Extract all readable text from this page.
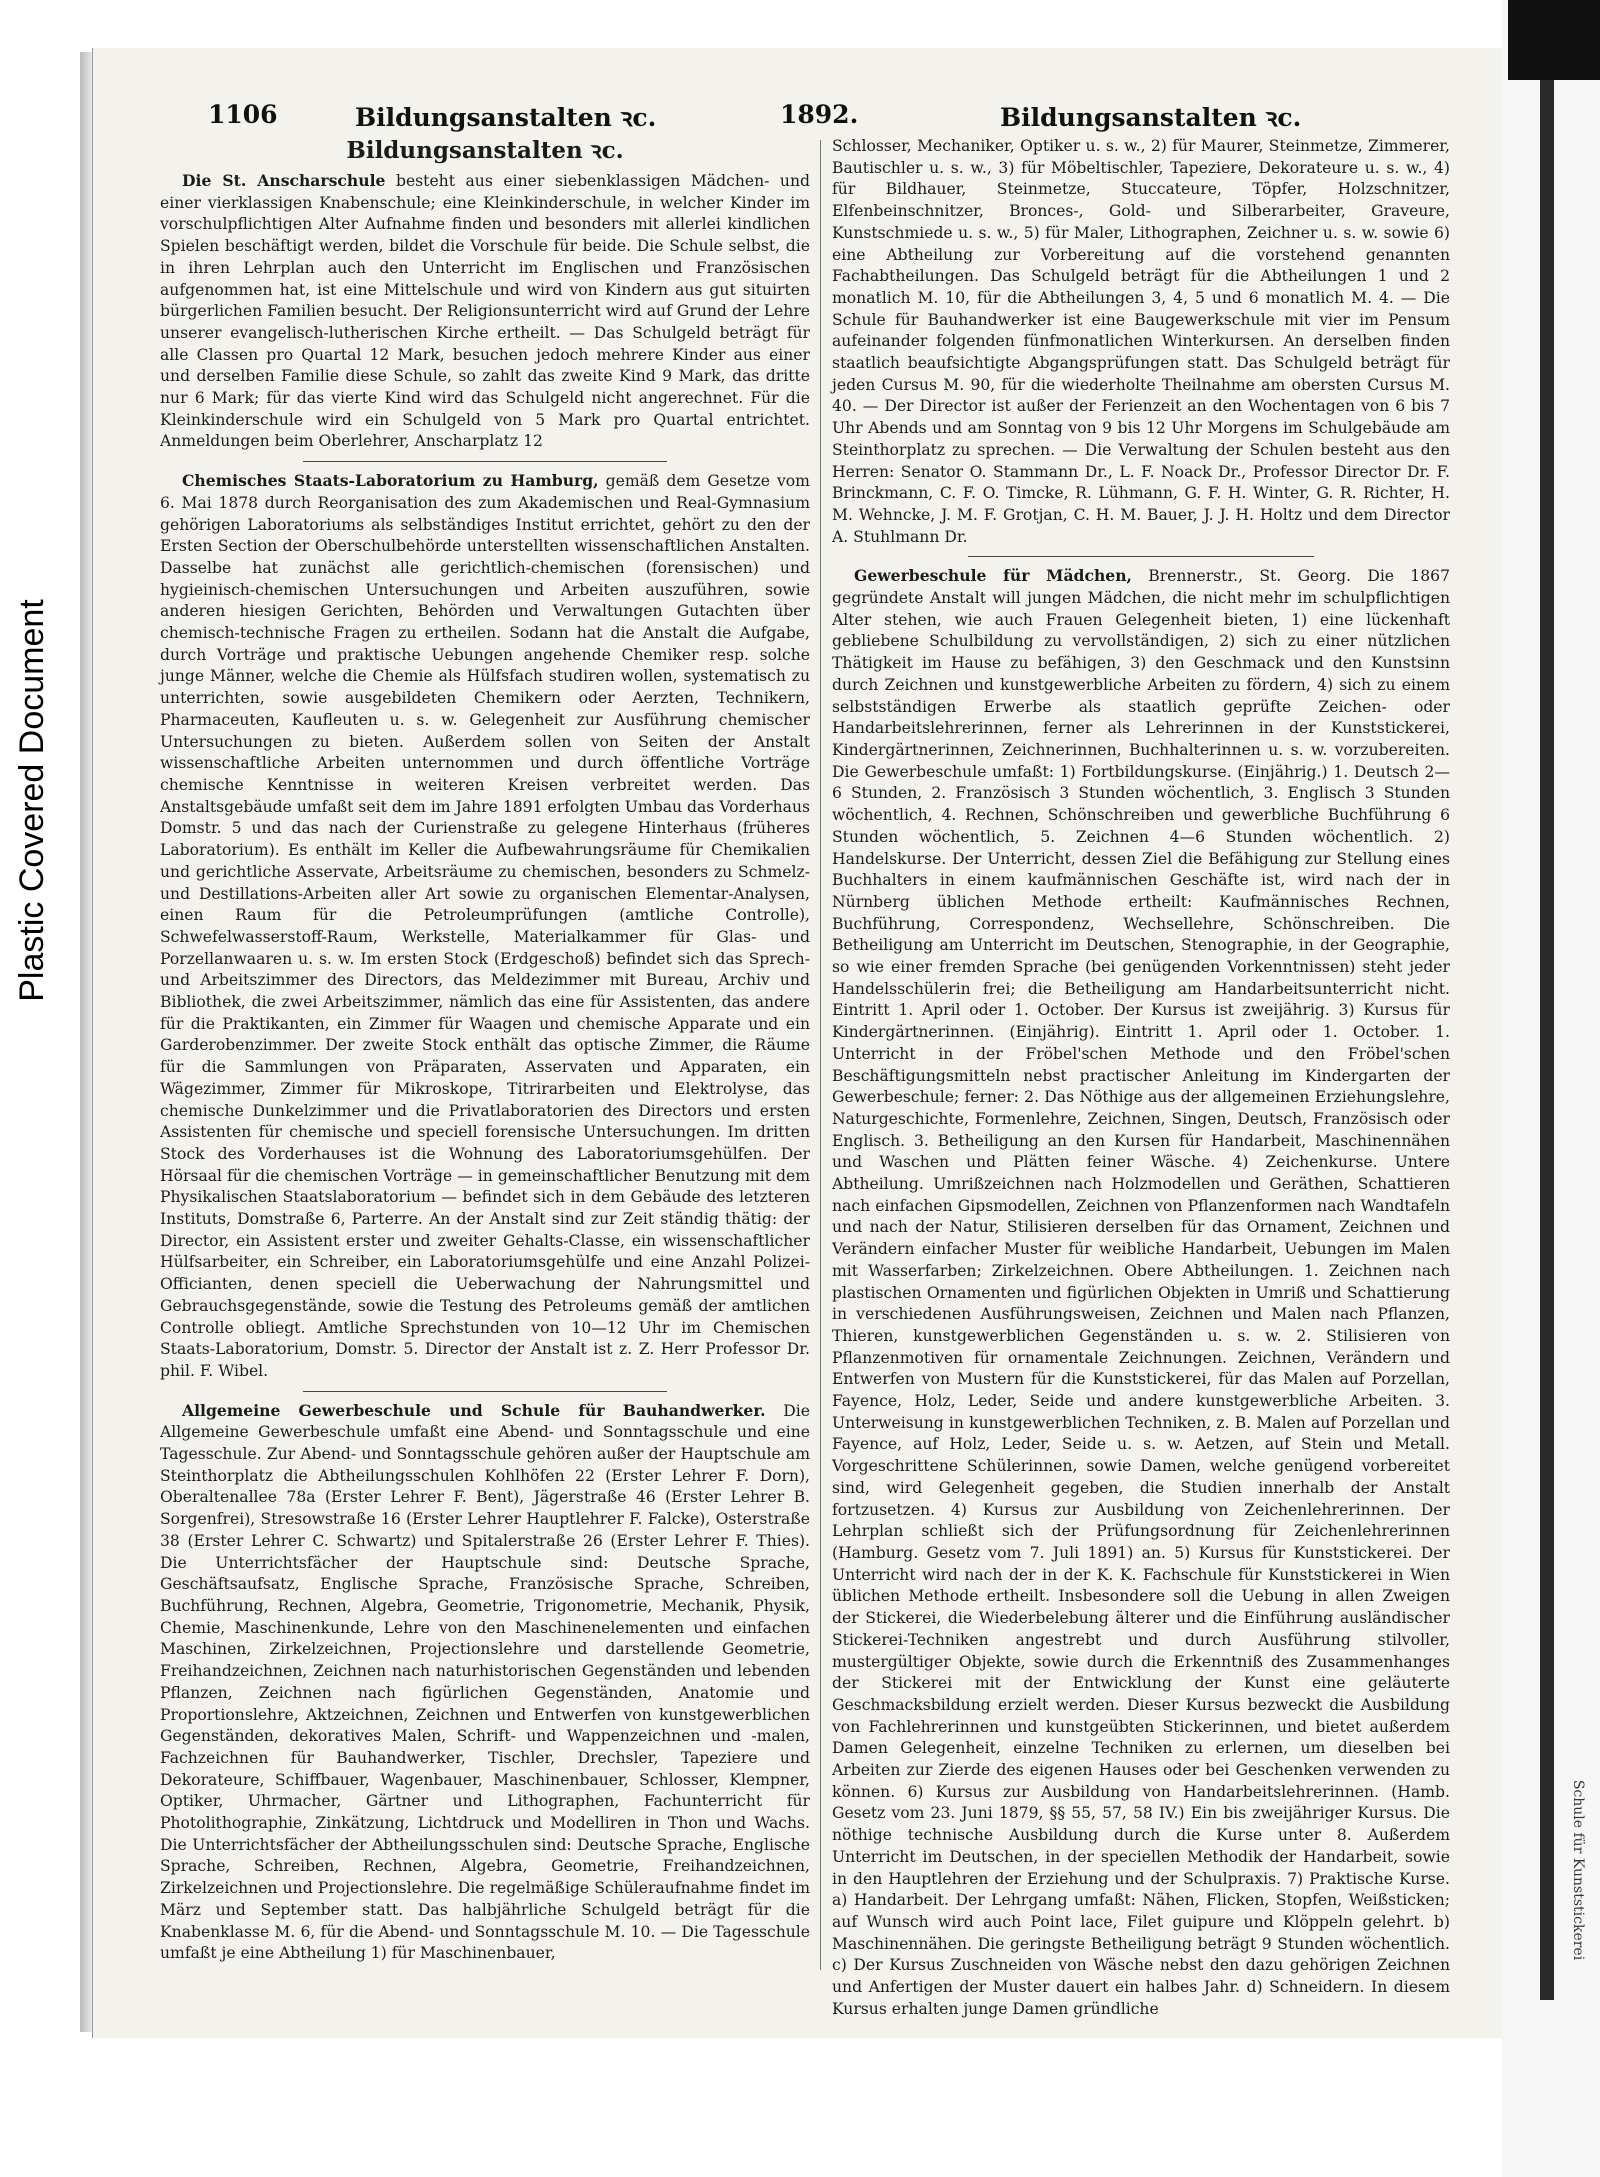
Plastic Covered Document
Schule für Kunststickerei
1106	Bildungsanstalten ꝛc.	1892.	Bildungsanstalten ꝛc.
Bildungsanstalten ꝛc.

Die St. Anscharschule besteht aus einer siebenklassigen Mädchen- und einer vierklassigen Knabenschule; eine Kleinkinderschule, in welcher Kinder im vorschulpflichtigen Alter Aufnahme finden und besonders mit allerlei kindlichen Spielen beschäftigt werden, bildet die Vorschule für beide. Die Schule selbst, die in ihren Lehrplan auch den Unterricht im Englischen und Französischen aufgenommen hat, ist eine Mittelschule und wird von Kindern aus gut situirten bürgerlichen Familien besucht. Der Religionsunterricht wird auf Grund der Lehre unserer evangelisch-lutherischen Kirche ertheilt. — Das Schulgeld beträgt für alle Classen pro Quartal 12 Mark, besuchen jedoch mehrere Kinder aus einer und derselben Familie diese Schule, so zahlt das zweite Kind 9 Mark, das dritte nur 6 Mark; für das vierte Kind wird das Schulgeld nicht angerechnet. Für die Kleinkinderschule wird ein Schulgeld von 5 Mark pro Quartal entrichtet. Anmeldungen beim Oberlehrer, Anscharplatz 12

Chemisches Staats-Laboratorium zu Hamburg, gemäß dem Gesetze vom 6. Mai 1878 durch Reorganisation des zum Akademischen und Real-Gymnasium gehörigen Laboratoriums als selbständiges Institut errichtet, gehört zu den der Ersten Section der Oberschulbehörde unterstellten wissenschaftlichen Anstalten. Dasselbe hat zunächst alle gerichtlich-chemischen (forensischen) und hygieinisch-chemischen Untersuchungen und Arbeiten auszuführen, sowie anderen hiesigen Gerichten, Behörden und Verwaltungen Gutachten über chemisch-technische Fragen zu ertheilen. Sodann hat die Anstalt die Aufgabe, durch Vorträge und praktische Uebungen angehende Chemiker resp. solche junge Männer, welche die Chemie als Hülfsfach studiren wollen, systematisch zu unterrichten, sowie ausgebildeten Chemikern oder Aerzten, Technikern, Pharmaceuten, Kaufleuten u. s. w. Gelegenheit zur Ausführung chemischer Untersuchungen zu bieten. Außerdem sollen von Seiten der Anstalt wissenschaftliche Arbeiten unternommen und durch öffentliche Vorträge chemische Kenntnisse in weiteren Kreisen verbreitet werden. Das Anstaltsgebäude umfaßt seit dem im Jahre 1891 erfolgten Umbau das Vorderhaus Domstr. 5 und das nach der Curienstraße zu gelegene Hinterhaus (früheres Laboratorium). Es enthält im Keller die Aufbewahrungsräume für Chemikalien und gerichtliche Asservate, Arbeitsräume zu chemischen, besonders zu Schmelz- und Destillations-Arbeiten aller Art sowie zu organischen Elementar-Analysen, einen Raum für die Petroleumprüfungen (amtliche Controlle), Schwefelwasserstoff-Raum, Werkstelle, Materialkammer für Glas- und Porzellanwaaren u. s. w. Im ersten Stock (Erdgeschoß) befindet sich das Sprech- und Arbeitszimmer des Directors, das Meldezimmer mit Bureau, Archiv und Bibliothek, die zwei Arbeitszimmer, nämlich das eine für Assistenten, das andere für die Praktikanten, ein Zimmer für Waagen und chemische Apparate und ein Garderobenzimmer. Der zweite Stock enthält das optische Zimmer, die Räume für die Sammlungen von Präparaten, Asservaten und Apparaten, ein Wägezimmer, Zimmer für Mikroskope, Titrirarbeiten und Elektrolyse, das chemische Dunkelzimmer und die Privatlaboratorien des Directors und ersten Assistenten für chemische und speciell forensische Untersuchungen. Im dritten Stock des Vorderhauses ist die Wohnung des Laboratoriumsgehülfen. Der Hörsaal für die chemischen Vorträge — in gemeinschaftlicher Benutzung mit dem Physikalischen Staatslaboratorium — befindet sich in dem Gebäude des letzteren Instituts, Domstraße 6, Parterre. An der Anstalt sind zur Zeit ständig thätig: der Director, ein Assistent erster und zweiter Gehalts-Classe, ein wissenschaftlicher Hülfsarbeiter, ein Schreiber, ein Laboratoriumsgehülfe und eine Anzahl Polizei-Officianten, denen speciell die Ueberwachung der Nahrungsmittel und Gebrauchsgegenstände, sowie die Testung des Petroleums gemäß der amtlichen Controlle obliegt. Amtliche Sprechstunden von 10—12 Uhr im Chemischen Staats-Laboratorium, Domstr. 5. Director der Anstalt ist z. Z. Herr Professor Dr. phil. F. Wibel.

Allgemeine Gewerbeschule und Schule für Bauhandwerker. Die Allgemeine Gewerbeschule umfaßt eine Abend- und Sonntagsschule und eine Tagesschule. Zur Abend- und Sonntagsschule gehören außer der Hauptschule am Steinthorplatz die Abtheilungsschulen Kohlhöfen 22 (Erster Lehrer F. Dorn), Oberaltenallee 78a (Erster Lehrer F. Bent), Jägerstraße 46 (Erster Lehrer B. Sorgenfrei), Stresowstraße 16 (Erster Lehrer Hauptlehrer F. Falcke), Osterstraße 38 (Erster Lehrer C. Schwartz) und Spitalerstraße 26 (Erster Lehrer F. Thies). Die Unterrichtsfächer der Hauptschule sind: Deutsche Sprache, Geschäftsaufsatz, Englische Sprache, Französische Sprache, Schreiben, Buchführung, Rechnen, Algebra, Geometrie, Trigonometrie, Mechanik, Physik, Chemie, Maschinenkunde, Lehre von den Maschinenelementen und einfachen Maschinen, Zirkelzeichnen, Projectionslehre und darstellende Geometrie, Freihandzeichnen, Zeichnen nach naturhistorischen Gegenständen und lebenden Pflanzen, Zeichnen nach figürlichen Gegenständen, Anatomie und Proportionslehre, Aktzeichnen, Zeichnen und Entwerfen von kunstgewerblichen Gegenständen, dekoratives Malen, Schrift- und Wappenzeichnen und -malen, Fachzeichnen für Bauhandwerker, Tischler, Drechsler, Tapeziere und Dekorateure, Schiffbauer, Wagenbauer, Maschinenbauer, Schlosser, Klempner, Optiker, Uhrmacher, Gärtner und Lithographen, Fachunterricht für Photolithographie, Zinkätzung, Lichtdruck und Modelliren in Thon und Wachs. Die Unterrichtsfächer der Abtheilungsschulen sind: Deutsche Sprache, Englische Sprache, Schreiben, Rechnen, Algebra, Geometrie, Freihandzeichnen, Zirkelzeichnen und Projectionslehre. Die regelmäßige Schüleraufnahme findet im März und September statt. Das halbjährliche Schulgeld beträgt für die Knabenklasse M. 6, für die Abend- und Sonntagsschule M. 10. — Die Tagesschule umfaßt je eine Abtheilung 1) für Maschinenbauer,

Schlosser, Mechaniker, Optiker u. s. w., 2) für Maurer, Steinmetze, Zimmerer, Bautischler u. s. w., 3) für Möbeltischler, Tapeziere, Dekorateure u. s. w., 4) für Bildhauer, Steinmetze, Stuccateure, Töpfer, Holzschnitzer, Elfenbeinschnitzer, Bronces-, Gold- und Silberarbeiter, Graveure, Kunstschmiede u. s. w., 5) für Maler, Lithographen, Zeichner u. s. w. sowie 6) eine Abtheilung zur Vorbereitung auf die vorstehend genannten Fachabtheilungen. Das Schulgeld beträgt für die Abtheilungen 1 und 2 monatlich M. 10, für die Abtheilungen 3, 4, 5 und 6 monatlich M. 4. — Die Schule für Bauhandwerker ist eine Baugewerkschule mit vier im Pensum aufeinander folgenden fünfmonatlichen Winterkursen. An derselben finden staatlich beaufsichtigte Abgangsprüfungen statt. Das Schulgeld beträgt für jeden Cursus M. 90, für die wiederholte Theilnahme am obersten Cursus M. 40. — Der Director ist außer der Ferienzeit an den Wochentagen von 6 bis 7 Uhr Abends und am Sonntag von 9 bis 12 Uhr Morgens im Schulgebäude am Steinthorplatz zu sprechen. — Die Verwaltung der Schulen besteht aus den Herren: Senator O. Stammann Dr., L. F. Noack Dr., Professor Director Dr. F. Brinckmann, C. F. O. Timcke, R. Lühmann, G. F. H. Winter, G. R. Richter, H. M. Wehncke, J. M. F. Grotjan, C. H. M. Bauer, J. J. H. Holtz und dem Director A. Stuhlmann Dr.

Gewerbeschule für Mädchen, Brennerstr., St. Georg. Die 1867 gegründete Anstalt will jungen Mädchen, die nicht mehr im schulpflichtigen Alter stehen, wie auch Frauen Gelegenheit bieten, 1) eine lückenhaft gebliebene Schulbildung zu vervollständigen, 2) sich zu einer nützlichen Thätigkeit im Hause zu befähigen, 3) den Geschmack und den Kunstsinn durch Zeichnen und kunstgewerbliche Arbeiten zu fördern, 4) sich zu einem selbstständigen Erwerbe als staatlich geprüfte Zeichen- oder Handarbeitslehrerinnen, ferner als Lehrerinnen in der Kunststickerei, Kindergärtnerinnen, Zeichnerinnen, Buchhalterinnen u. s. w. vorzubereiten. Die Gewerbeschule umfaßt: 1) Fortbildungskurse. (Einjährig.) 1. Deutsch 2—6 Stunden, 2. Französisch 3 Stunden wöchentlich, 3. Englisch 3 Stunden wöchentlich, 4. Rechnen, Schönschreiben und gewerbliche Buchführung 6 Stunden wöchentlich, 5. Zeichnen 4—6 Stunden wöchentlich. 2) Handelskurse. Der Unterricht, dessen Ziel die Befähigung zur Stellung eines Buchhalters in einem kaufmännischen Geschäfte ist, wird nach der in Nürnberg üblichen Methode ertheilt: Kaufmännisches Rechnen, Buchführung, Correspondenz, Wechsellehre, Schönschreiben. Die Betheiligung am Unterricht im Deutschen, Stenographie, in der Geographie, so wie einer fremden Sprache (bei genügenden Vorkenntnissen) steht jeder Handelsschülerin frei; die Betheiligung am Handarbeitsunterricht nicht. Eintritt 1. April oder 1. October. Der Kursus ist zweijährig. 3) Kursus für Kindergärtnerinnen. (Einjährig). Eintritt 1. April oder 1. October. 1. Unterricht in der Fröbel'schen Methode und den Fröbel'schen Beschäftigungsmitteln nebst practischer Anleitung im Kindergarten der Gewerbeschule; ferner: 2. Das Nöthige aus der allgemeinen Erziehungslehre, Naturgeschichte, Formenlehre, Zeichnen, Singen, Deutsch, Französisch oder Englisch. 3. Betheiligung an den Kursen für Handarbeit, Maschinennähen und Waschen und Plätten feiner Wäsche. 4) Zeichenkurse. Untere Abtheilung. Umrißzeichnen nach Holzmodellen und Geräthen, Schattieren nach einfachen Gipsmodellen, Zeichnen von Pflanzenformen nach Wandtafeln und nach der Natur, Stilisieren derselben für das Ornament, Zeichnen und Verändern einfacher Muster für weibliche Handarbeit, Uebungen im Malen mit Wasserfarben; Zirkelzeichnen. Obere Abtheilungen. 1. Zeichnen nach plastischen Ornamenten und figürlichen Objekten in Umriß und Schattierung in verschiedenen Ausführungsweisen, Zeichnen und Malen nach Pflanzen, Thieren, kunstgewerblichen Gegenständen u. s. w. 2. Stilisieren von Pflanzenmotiven für ornamentale Zeichnungen. Zeichnen, Verändern und Entwerfen von Mustern für die Kunststickerei, für das Malen auf Porzellan, Fayence, Holz, Leder, Seide und andere kunstgewerbliche Arbeiten. 3. Unterweisung in kunstgewerblichen Techniken, z. B. Malen auf Porzellan und Fayence, auf Holz, Leder, Seide u. s. w. Aetzen, auf Stein und Metall. Vorgeschrittene Schülerinnen, sowie Damen, welche genügend vorbereitet sind, wird Gelegenheit gegeben, die Studien innerhalb der Anstalt fortzusetzen. 4) Kursus zur Ausbildung von Zeichenlehrerinnen. Der Lehrplan schließt sich der Prüfungsordnung für Zeichenlehrerinnen (Hamburg. Gesetz vom 7. Juli 1891) an. 5) Kursus für Kunststickerei. Der Unterricht wird nach der in der K. K. Fachschule für Kunststickerei in Wien üblichen Methode ertheilt. Insbesondere soll die Uebung in allen Zweigen der Stickerei, die Wiederbelebung älterer und die Einführung ausländischer Stickerei-Techniken angestrebt und durch Ausführung stilvoller, mustergültiger Objekte, sowie durch die Erkenntniß des Zusammenhanges der Stickerei mit der Entwicklung der Kunst eine geläuterte Geschmacksbildung erzielt werden. Dieser Kursus bezweckt die Ausbildung von Fachlehrerinnen und kunstgeübten Stickerinnen, und bietet außerdem Damen Gelegenheit, einzelne Techniken zu erlernen, um dieselben bei Arbeiten zur Zierde des eigenen Hauses oder bei Geschenken verwenden zu können. 6) Kursus zur Ausbildung von Handarbeitslehrerinnen. (Hamb. Gesetz vom 23. Juni 1879, §§ 55, 57, 58 IV.) Ein bis zweijähriger Kursus. Die nöthige technische Ausbildung durch die Kurse unter 8. Außerdem Unterricht im Deutschen, in der speciellen Methodik der Handarbeit, sowie in den Hauptlehren der Erziehung und der Schulpraxis. 7) Praktische Kurse. a) Handarbeit. Der Lehrgang umfaßt: Nähen, Flicken, Stopfen, Weißsticken; auf Wunsch wird auch Point lace, Filet guipure und Klöppeln gelehrt. b) Maschinennähen. Die geringste Betheiligung beträgt 9 Stunden wöchentlich. c) Der Kursus Zuschneiden von Wäsche nebst den dazu gehörigen Zeichnen und Anfertigen der Muster dauert ein halbes Jahr. d) Schneidern. In diesem Kursus erhalten junge Damen gründliche
